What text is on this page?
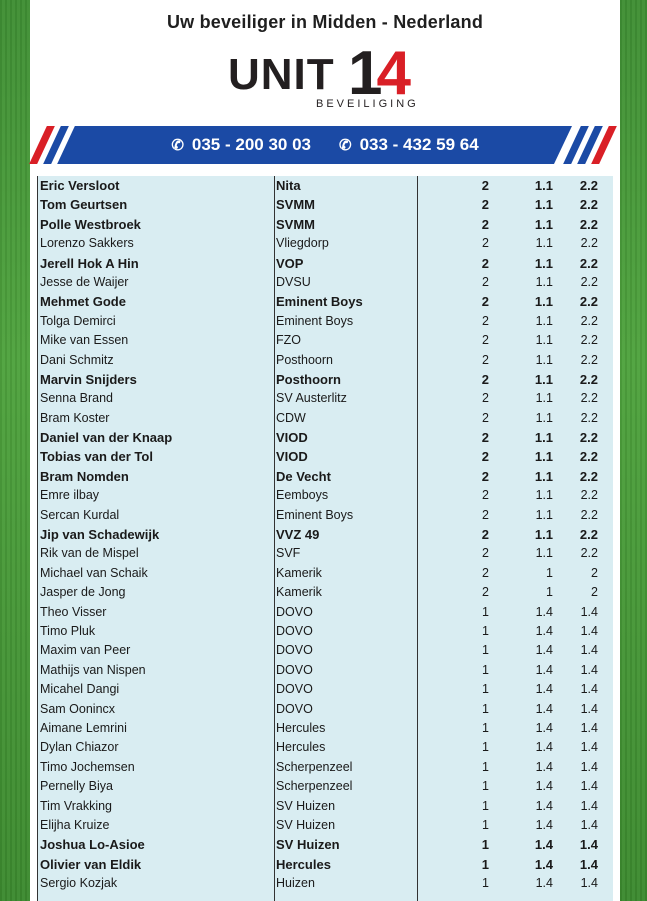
Uw beveiliger in Midden - Nederland
UNIT 14
BEVEILIGING
✆ 035 - 200 30 03 ✆ 033 - 432 59 64
Eric Versloot	Nita	2	1.1	2.2
Tom Geurtsen	SVMM	2	1.1	2.2
Polle Westbroek	SVMM	2	1.1	2.2
Lorenzo Sakkers	Vliegdorp	2	1.1	2.2
Jerell Hok A Hin	VOP	2	1.1	2.2
Jesse de Waijer	DVSU	2	1.1	2.2
Mehmet Gode	Eminent Boys	2	1.1	2.2
Tolga Demirci	Eminent Boys	2	1.1	2.2
Mike van Essen	FZO	2	1.1	2.2
Dani Schmitz	Posthoorn	2	1.1	2.2
Marvin Snijders	Posthoorn	2	1.1	2.2
Senna Brand	SV Austerlitz	2	1.1	2.2
Bram Koster	CDW	2	1.1	2.2
Daniel van der Knaap	VIOD	2	1.1	2.2
Tobias van der Tol	VIOD	2	1.1	2.2
Bram Nomden	De Vecht	2	1.1	2.2
Emre ilbay	Eemboys	2	1.1	2.2
Sercan Kurdal	Eminent Boys	2	1.1	2.2
Jip van Schadewijk	VVZ 49	2	1.1	2.2
Rik van de Mispel	SVF	2	1.1	2.2
Michael van Schaik	Kamerik	2	1	2
Jasper de Jong	Kamerik	2	1	2
Theo Visser	DOVO	1	1.4	1.4
Timo Pluk	DOVO	1	1.4	1.4
Maxim van Peer	DOVO	1	1.4	1.4
Mathijs van Nispen	DOVO	1	1.4	1.4
Micahel Dangi	DOVO	1	1.4	1.4
Sam Oonincx	DOVO	1	1.4	1.4
Aimane Lemrini	Hercules	1	1.4	1.4
Dylan Chiazor	Hercules	1	1.4	1.4
Timo Jochemsen	Scherpenzeel	1	1.4	1.4
Pernelly Biya	Scherpenzeel	1	1.4	1.4
Tim Vrakking	SV Huizen	1	1.4	1.4
Elijha Kruize	SV Huizen	1	1.4	1.4
Joshua Lo-Asioe	SV Huizen	1	1.4	1.4
Olivier van Eldik	Hercules	1	1.4	1.4
Sergio Kozjak	Huizen	1	1.4	1.4
